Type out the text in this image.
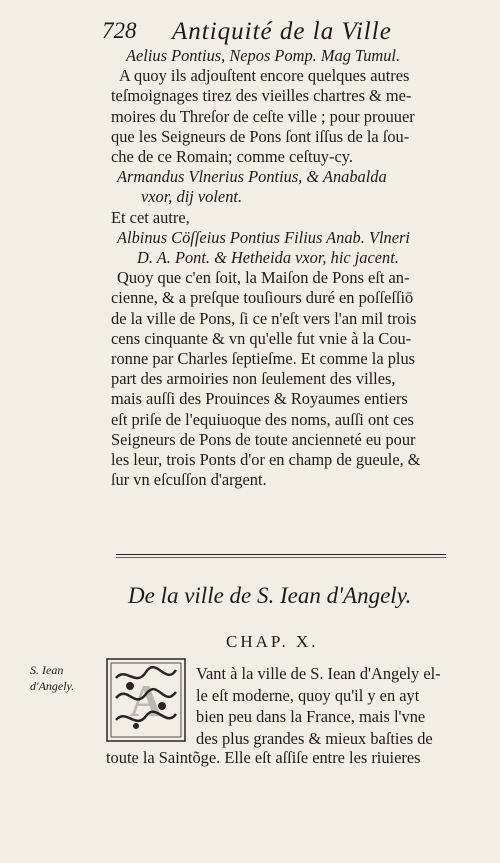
728 Antiquité de la Ville
Aelius Pontius, Nepos Pomp. Mag Tumul.
A quoy ils adjouſtent encore quelques autres
teſmoignages tirez des vieilles chartres & me-
moires du Threſor de ceſte ville ; pour prouuer
que les Seigneurs de Pons ſont iſſus de la ſou-
che de ce Romain; comme ceſtuy-cy.
Armandus Vlnerius Pontius, & Anabalda
vxor, dij volent.
Et cet autre,
Albinus Cöſſeius Pontius Filius Anab. Vlneri
D. A. Pont. & Hetheida vxor, hic jacent.
Quoy que c'en ſoit, la Maiſon de Pons eſt an-
cienne, & a preſque touſiours duré en poſſeſſiō
de la ville de Pons, ſi ce n'eſt vers l'an mil trois
cens cinquante & vn qu'elle fut vnie à la Cou-
ronne par Charles ſeptieſme. Et comme la plus
part des armoiries non ſeulement des villes,
mais auſſi des Prouinces & Royaumes entiers
eſt priſe de l'equiuoque des noms, auſſi ont ces
Seigneurs de Pons de toute ancienneté eu pour
les leur, trois Ponts d'or en champ de gueule, &
ſur vn eſcuſſon d'argent.
De la ville de S. Iean d'Angely.
CHAP. X.
S. Iean
d'Angely.	A
Vant à la ville de S. Iean d'Angely el-
le eſt moderne, quoy qu'il y en ayt
bien peu dans la France, mais l'vne
des plus grandes & mieux baſties de
toute la Saintõge. Elle eſt aſſiſe entre les riuieres
